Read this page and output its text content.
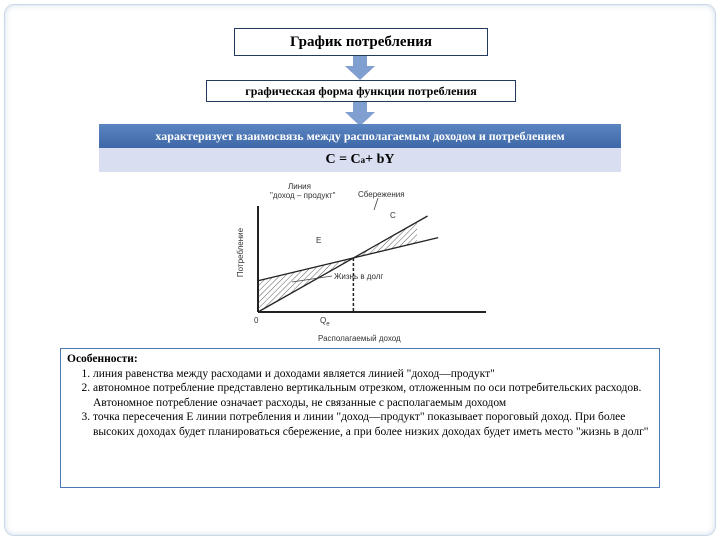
График потребления
графическая форма функции потребления
характеризует взаимосвязь между располагаемым доходом и потреблением
C = C a + bY
Потребление
Располагаемый доход
0
Линия
"доход – продукт"	Сбережения
C
E
Жизнь в долг
$Q_e$
Особенности:
1. линия равенства между расходами и доходами является линией "доход—продукт"
2. автономное потребление представлено вертикальным отрезком, отложенным по оси потребительских расходов. Автономное потребление означает расходы, не связанные с располагаемым доходом
3. точка пересечения E линии потребления и линии "доход—продукт" показывает пороговый доход. При более высоких доходах будет планироваться сбережение, а при более низких доходах будет иметь место "жизнь в долг"
